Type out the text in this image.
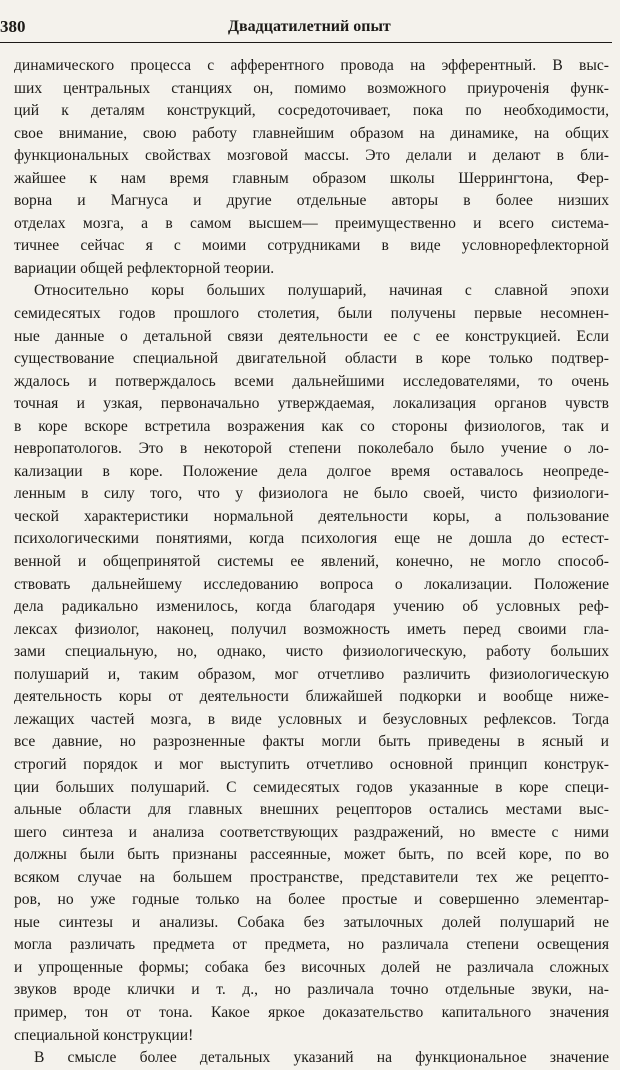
380	Двадцатилетний опыт
динамического процесса с афферентного провода на эфферентный. В выс-
ших центральных станциях он, помимо возможного приуроченія функ-
ций к деталям конструкций, сосредоточивает, пока по необходимости,
свое внимание, свою работу главнейшим образом на динамике, на общих
функциональных свойствах мозговой массы. Это делали и делают в бли-
жайшее к нам время главным образом школы Шеррингтона, Фер-
ворна и Магнуса и другие отдельные авторы в более низших
отделах мозга, а в самом высшем— преимущественно и всего система-
тичнее сейчас я с моими сотрудниками в виде условнорефлекторной
вариации общей рефлекторной теории.
Относительно коры больших полушарий, начиная с славной эпохи
семидесятых годов прошлого столетия, были получены первые несомнен-
ные данные о детальной связи деятельности ее с ее конструкцией. Если
существование специальной двигательной области в коре только подтвер-
ждалось и потверждалось всеми дальнейшими исследователями, то очень
точная и узкая, первоначально утверждаемая, локализация органов чувств
в коре вскоре встретила возражения как со стороны физиологов, так и
невропатологов. Это в некоторой степени поколебало было учение о ло-
кализации в коре. Положение дела долгое время оставалось неопреде-
ленным в силу того, что у физиолога не было своей, чисто физиологи-
ческой характеристики нормальной деятельности коры, а пользование
психологическими понятиями, когда психология еще не дошла до естест-
венной и общепринятой системы ее явлений, конечно, не могло способ-
ствовать дальнейшему исследованию вопроса о локализации. Положение
дела радикально изменилось, когда благодаря учению об условных реф-
лексах физиолог, наконец, получил возможность иметь перед своими гла-
зами специальную, но, однако, чисто физиологическую, работу больших
полушарий и, таким образом, мог отчетливо различить физиологическую
деятельность коры от деятельности ближайшей подкорки и вообще ниже-
лежащих частей мозга, в виде условных и безусловных рефлексов. Тогда
все давние, но разрозненные факты могли быть приведены в ясный и
строгий порядок и мог выступить отчетливо основной принцип конструк-
ции больших полушарий. С семидесятых годов указанные в коре специ-
альные области для главных внешних рецепторов остались местами выс-
шего синтеза и анализа соответствующих раздражений, но вместе с ними
должны были быть признаны рассеянные, может быть, по всей коре, по во
всяком случае на большем пространстве, представители тех же рецепто-
ров, но уже годные только на более простые и совершенно элементар-
ные синтезы и анализы. Собака без затылочных долей полушарий не
могла различать предмета от предмета, но различала степени освещения
и упрощенные формы; собака без височных долей не различала сложных
звуков вроде клички и т. д., но различала точно отдельные звуки, на-
пример, тон от тона. Какое яркое доказательство капитального значения
специальной конструкции!
В смысле более детальных указаний на функциональное значение
